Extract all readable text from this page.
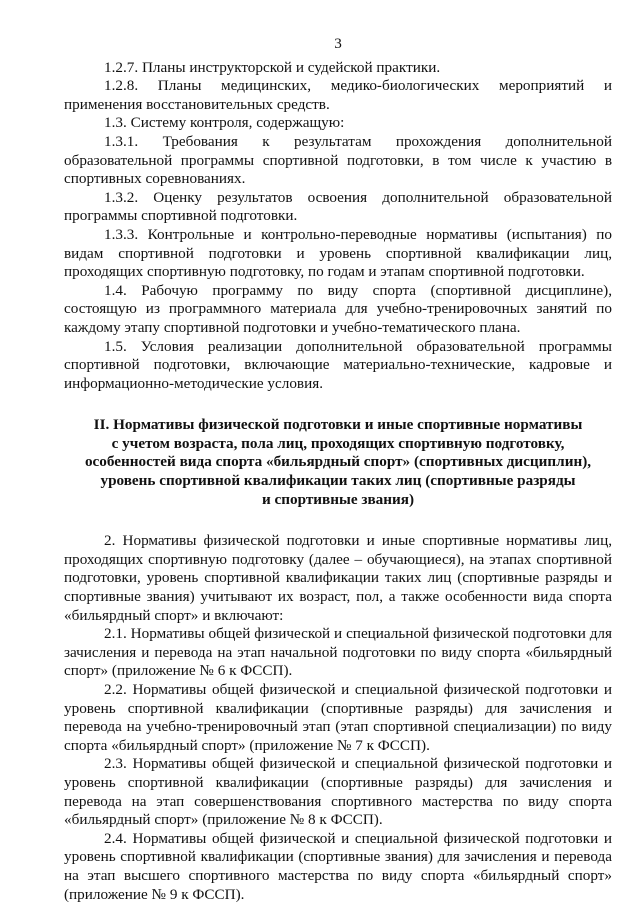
3

1.2.7. Планы инструкторской и судейской практики.

1.2.8. Планы медицинских, медико-биологических мероприятий и применения восстановительных средств.

1.3. Систему контроля, содержащую:

1.3.1. Требования к результатам прохождения дополнительной образовательной программы спортивной подготовки, в том числе к участию в спортивных соревнованиях.

1.3.2. Оценку результатов освоения дополнительной образовательной программы спортивной подготовки.

1.3.3. Контрольные и контрольно-переводные нормативы (испытания) по видам спортивной подготовки и уровень спортивной квалификации лиц, проходящих спортивную подготовку, по годам и этапам спортивной подготовки.

1.4. Рабочую программу по виду спорта (спортивной дисциплине), состоящую из программного материала для учебно-тренировочных занятий по каждому этапу спортивной подготовки и учебно-тематического плана.

1.5. Условия реализации дополнительной образовательной программы спортивной подготовки, включающие материально-технические, кадровые и информационно-методические условия.

II. Нормативы физической подготовки и иные спортивные нормативы
с учетом возраста, пола лиц, проходящих спортивную подготовку,
особенностей вида спорта «бильярдный спорт» (спортивных дисциплин),
уровень спортивной квалификации таких лиц (спортивные разряды
и спортивные звания)

2. Нормативы физической подготовки и иные спортивные нормативы лиц, проходящих спортивную подготовку (далее – обучающиеся), на этапах спортивной подготовки, уровень спортивной квалификации таких лиц (спортивные разряды и спортивные звания) учитывают их возраст, пол, а также особенности вида спорта «бильярдный спорт» и включают:

2.1. Нормативы общей физической и специальной физической подготовки для зачисления и перевода на этап начальной подготовки по виду спорта «бильярдный спорт» (приложение № 6 к ФССП).

2.2. Нормативы общей физической и специальной физической подготовки и уровень спортивной квалификации (спортивные разряды) для зачисления и перевода на учебно-тренировочный этап (этап спортивной специализации) по виду спорта «бильярдный спорт» (приложение № 7 к ФССП).

2.3. Нормативы общей физической и специальной физической подготовки и уровень спортивной квалификации (спортивные разряды) для зачисления и перевода на этап совершенствования спортивного мастерства по виду спорта «бильярдный спорт» (приложение № 8 к ФССП).

2.4. Нормативы общей физической и специальной физической подготовки и уровень спортивной квалификации (спортивные звания) для зачисления и перевода на этап высшего спортивного мастерства по виду спорта «бильярдный спорт» (приложение № 9 к ФССП).
